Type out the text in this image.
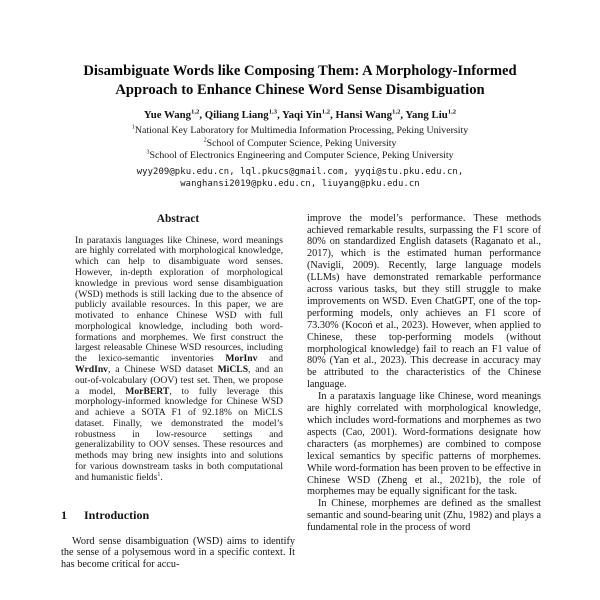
Disambiguate Words like Composing Them: A Morphology-Informed
Approach to Enhance Chinese Word Sense Disambiguation
Yue Wang$^{1,2}$, Qiliang Liang$^{1,3}$, Yaqi Yin$^{1,2}$, Hansi Wang$^{1,2}$, Yang Liu$^{1,2}$
$^1$National Key Laboratory for Multimedia Information Processing, Peking University
$^2$School of Computer Science, Peking University
$^3$School of Electronics Engineering and Computer Science, Peking University
wyy209@pku.edu.cn, lql.pkucs@gmail.com, yyqi@stu.pku.edu.cn,
wanghansi2019@pku.edu.cn, liuyang@pku.edu.cn
Abstract
In parataxis languages like Chinese, word meanings are highly correlated with morphological knowledge, which can help to disambiguate word senses. However, in-depth exploration of morphological knowledge in previous word sense disambiguation (WSD) methods is still lacking due to the absence of publicly available resources. In this paper, we are motivated to enhance Chinese WSD with full morphological knowledge, including both word-formations and morphemes. We first construct the largest releasable Chinese WSD resources, including the lexico-semantic inventories MorInv and WrdInv, a Chinese WSD dataset MiCLS, and an out-of-volcabulary (OOV) test set. Then, we propose a model, MorBERT, to fully leverage this morphology-informed knowledge for Chinese WSD and achieve a SOTA F1 of 92.18% on MiCLS dataset. Finally, we demonstrated the model’s robustness in low-resource settings and generalizability to OOV senses. These resources and methods may bring new insights into and solutions for various downstream tasks in both computational and humanistic fields$^1$.
1 Introduction
Word sense disambiguation (WSD) aims to identify the sense of a polysemous word in a specific context. It has become critical for accu-
improve the model’s performance. These methods achieved remarkable results, surpassing the F1 score of 80% on standardized English datasets (Raganato et al., 2017), which is the estimated human performance (Navigli, 2009). Recently, large language models (LLMs) have demonstrated remarkable performance across various tasks, but they still struggle to make improvements on WSD. Even ChatGPT, one of the top-performing models, only achieves an F1 score of 73.30% (Kocoń et al., 2023). However, when applied to Chinese, these top-performing models (without morphological knowledge) fail to reach an F1 value of 80% (Yan et al., 2023). This decrease in accuracy may be attributed to the characteristics of the Chinese language.
In a parataxis language like Chinese, word meanings are highly correlated with morphological knowledge, which includes word-formations and morphemes as two aspects (Cao, 2001). Word-formations designate how characters (as morphemes) are combined to compose lexical semantics by specific patterns of morphemes. While word-formation has been proven to be effective in Chinese WSD (Zheng et al., 2021b), the role of morphemes may be equally significant for the task.
In Chinese, morphemes are defined as the smallest semantic and sound-bearing unit (Zhu, 1982) and plays a fundamental role in the process of word
